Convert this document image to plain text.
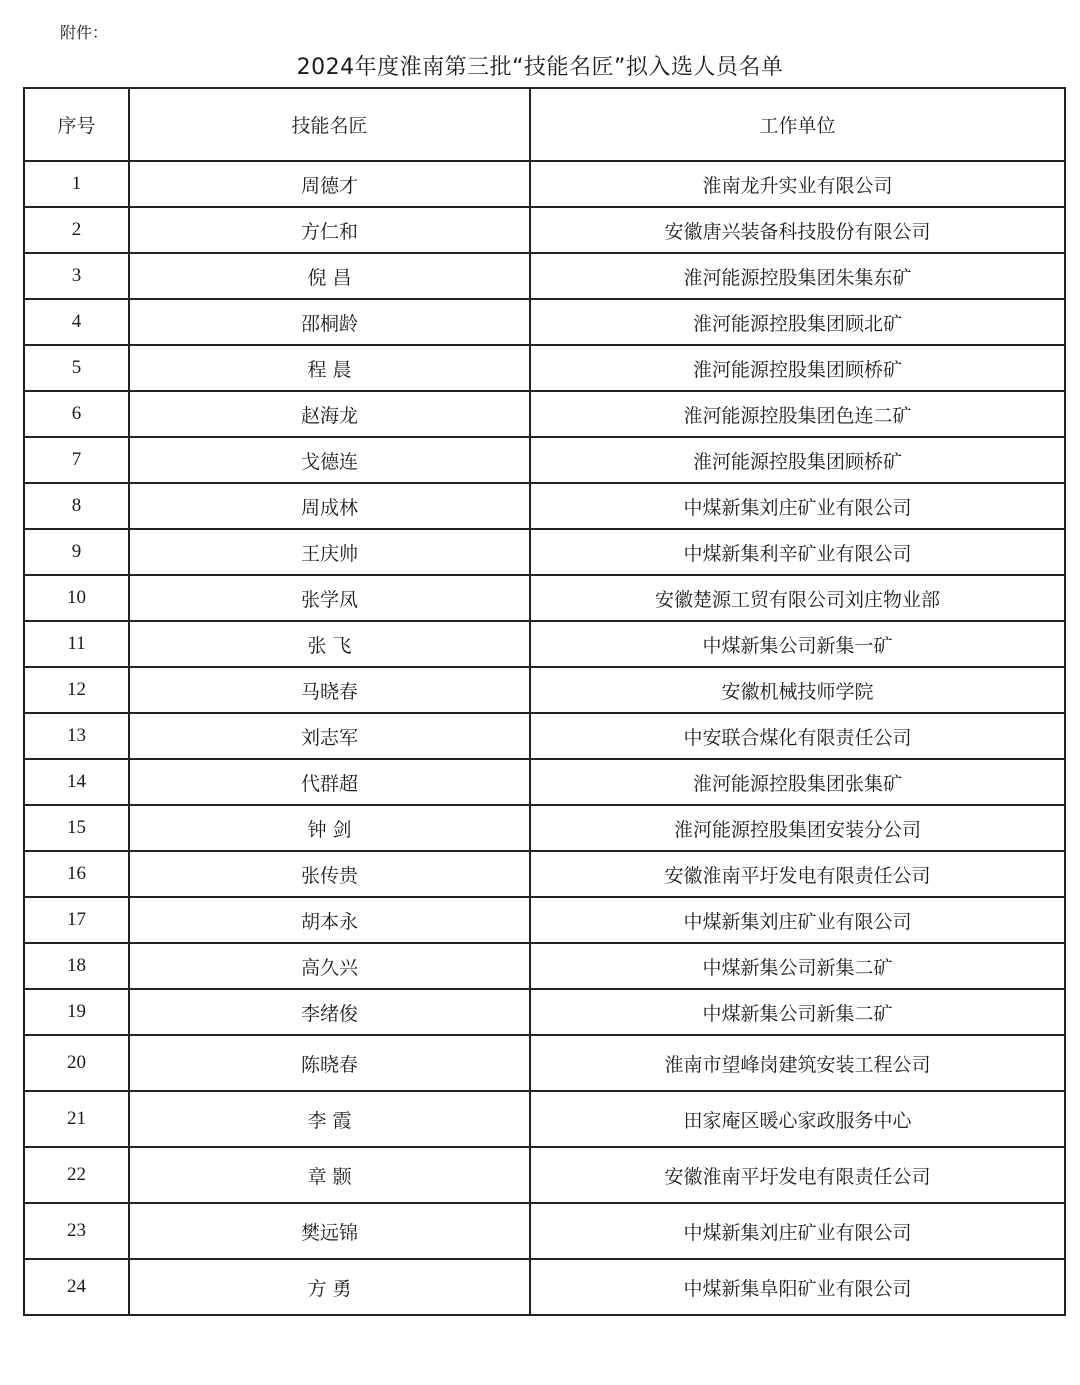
附件：
2024年度淮南第三批“技能名匠”拟入选人员名单
序号	技能名匠	工作单位
1	周德才	淮南龙升实业有限公司
2	方仁和	安徽唐兴装备科技股份有限公司
3	倪 昌	淮河能源控股集团朱集东矿
4	邵桐龄	淮河能源控股集团顾北矿
5	程 晨	淮河能源控股集团顾桥矿
6	赵海龙	淮河能源控股集团色连二矿
7	戈德连	淮河能源控股集团顾桥矿
8	周成林	中煤新集刘庄矿业有限公司
9	王庆帅	中煤新集利辛矿业有限公司
10	张学凤	安徽楚源工贸有限公司刘庄物业部
11	张 飞	中煤新集公司新集一矿
12	马晓春	安徽机械技师学院
13	刘志军	中安联合煤化有限责任公司
14	代群超	淮河能源控股集团张集矿
15	钟 剑	淮河能源控股集团安装分公司
16	张传贵	安徽淮南平圩发电有限责任公司
17	胡本永	中煤新集刘庄矿业有限公司
18	高久兴	中煤新集公司新集二矿
19	李绪俊	中煤新集公司新集二矿
20	陈晓春	淮南市望峰岗建筑安装工程公司
21	李 霞	田家庵区暖心家政服务中心
22	章 颢	安徽淮南平圩发电有限责任公司
23	樊远锦	中煤新集刘庄矿业有限公司
24	方 勇	中煤新集阜阳矿业有限公司
